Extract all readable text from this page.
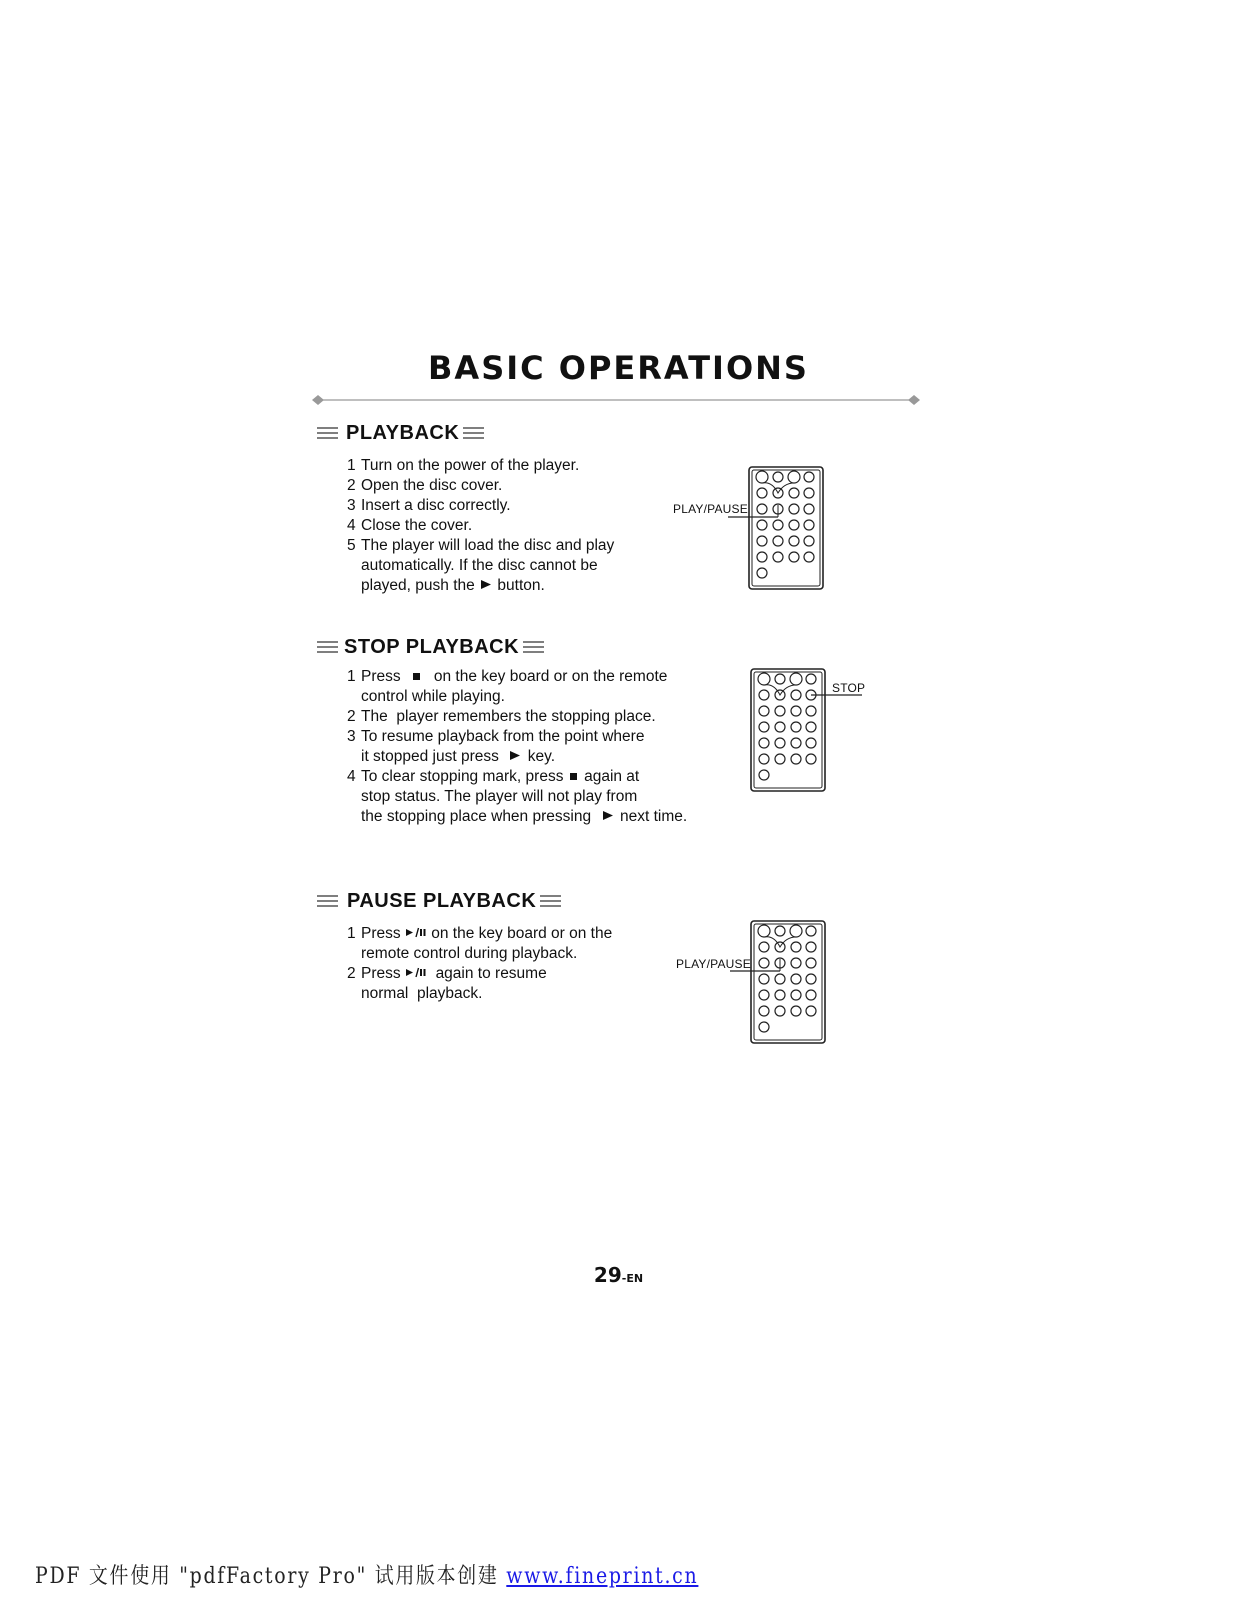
BASIC OPERATIONS
PLAYBACK
1 Turn on the power of the player.
2 Open the disc cover.
3 Insert a disc correctly.
4 Close the cover.
5 The player will load the disc and play
automatically. If the disc cannot be
played, push the button.
PLAY/PAUSE
STOP PLAYBACK
1 Press on the key board or on the remote
control while playing.
2 The  player remembers the stopping place.
3 To resume playback from the point where
it stopped just press key.
4 To clear stopping mark, press again at
stop status. The player will not play from
the stopping place when pressing next time.
STOP
PAUSE PLAYBACK
1 Press on the key board or on the
remote control during playback.
2 Press again to resume
normal  playback.
PLAY/PAUSE
29-EN
PDF 文件使用 "pdfFactory Pro" 试用版本创建 www.fineprint.cn
